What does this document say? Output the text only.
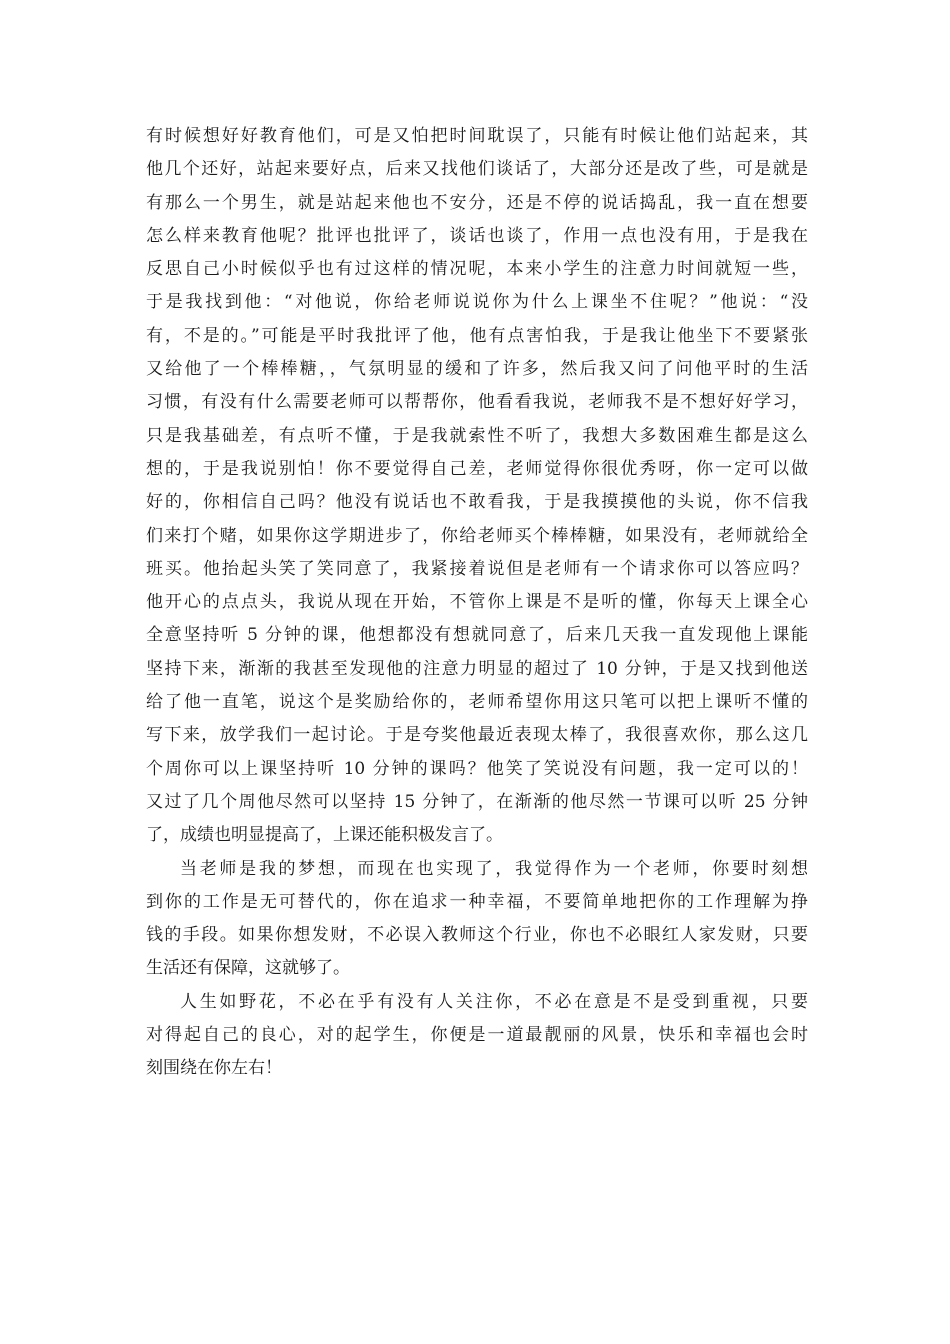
有时候想好好教育他们，可是又怕把时间耽误了，只能有时候让他们站起来，其
他几个还好，站起来要好点，后来又找他们谈话了，大部分还是改了些，可是就是
有那么一个男生，就是站起来他也不安分，还是不停的说话捣乱，我一直在想要
怎么样来教育他呢？批评也批评了，谈话也谈了，作用一点也没有用，于是我在
反思自己小时候似乎也有过这样的情况呢，本来小学生的注意力时间就短一些，
于是我找到他：“对他说，你给老师说说你为什么上课坐不住呢？”他说：“没
有，不是的。”可能是平时我批评了他，他有点害怕我，于是我让他坐下不要紧张
又给他了一个棒棒糖，，气氛明显的缓和了许多，然后我又问了问他平时的生活
习惯，有没有什么需要老师可以帮帮你，他看看我说，老师我不是不想好好学习，
只是我基础差，有点听不懂，于是我就索性不听了，我想大多数困难生都是这么
想的，于是我说别怕！你不要觉得自己差，老师觉得你很优秀呀，你一定可以做
好的，你相信自己吗？他没有说话也不敢看我，于是我摸摸他的头说，你不信我
们来打个赌，如果你这学期进步了，你给老师买个棒棒糖，如果没有，老师就给全
班买。他抬起头笑了笑同意了，我紧接着说但是老师有一个请求你可以答应吗？
他开心的点点头，我说从现在开始，不管你上课是不是听的懂，你每天上课全心
全意坚持听 5 分钟的课，他想都没有想就同意了，后来几天我一直发现他上课能
坚持下来，渐渐的我甚至发现他的注意力明显的超过了 10 分钟，于是又找到他送
给了他一直笔，说这个是奖励给你的，老师希望你用这只笔可以把上课听不懂的
写下来，放学我们一起讨论。于是夸奖他最近表现太棒了，我很喜欢你，那么这几
个周你可以上课坚持听 10 分钟的课吗？他笑了笑说没有问题，我一定可以的！
又过了几个周他尽然可以坚持 15 分钟了，在渐渐的他尽然一节课可以听 25 分钟
了，成绩也明显提高了，上课还能积极发言了。

当老师是我的梦想，而现在也实现了，我觉得作为一个老师，你要时刻想
到你的工作是无可替代的，你在追求一种幸福，不要简单地把你的工作理解为挣
钱的手段。如果你想发财，不必误入教师这个行业，你也不必眼红人家发财，只要
生活还有保障，这就够了。

人生如野花，不必在乎有没有人关注你，不必在意是不是受到重视，只要
对得起自己的良心，对的起学生，你便是一道最靓丽的风景，快乐和幸福也会时
刻围绕在你左右！
